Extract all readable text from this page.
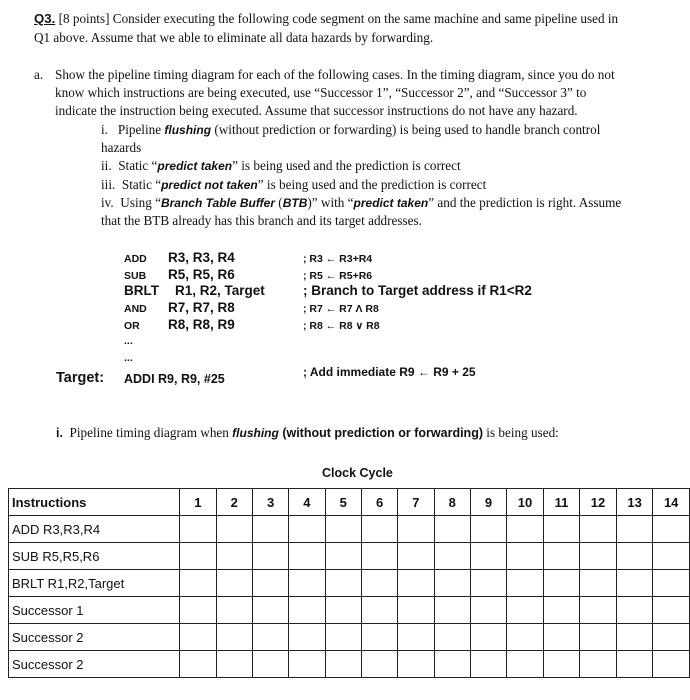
Q3. [8 points] Consider executing the following code segment on the same machine and same pipeline used in
Q1 above. Assume that we able to eliminate all data hazards by forwarding.
a. Show the pipeline timing diagram for each of the following cases. In the timing diagram, since you do not
know which instructions are being executed, use “Successor 1”, “Successor 2”, and “Successor 3” to
indicate the instruction being executed. Assume that successor instructions do not have any hazard.
i. Pipeline flushing (without prediction or forwarding) is being used to handle branch control
hazards
ii. Static “predict taken” is being used and the prediction is correct
iii. Static “predict not taken” is being used and the prediction is correct
iv. Using “Branch Table Buffer (BTB)” with “predict taken” and the prediction is right. Assume
that the BTB already has this branch and its target addresses.
ADD R3, R3, R4	; R3 ← R3+R4
SUB R5, R5, R6	; R5 ← R5+R6
BRLT R1, R2, Target	; Branch to Target address if R1<R2
AND R7, R7, R8	; R7 ← R7 Λ R8
OR R8, R8, R9	; R8 ← R8 ∨ R8
...
...
Target: ADDI R9, R9, #25	; Add immediate R9 ← R9 + 25
i. Pipeline timing diagram when flushing (without prediction or forwarding) is being used:
Clock Cycle
Instructions	1	2	3	4	5	6	7	8	9	10	11	12	13	14
ADD R3,R3,R4														
SUB R5,R5,R6														
BRLT R1,R2,Target														
Successor 1														
Successor 2														
Successor 2														
